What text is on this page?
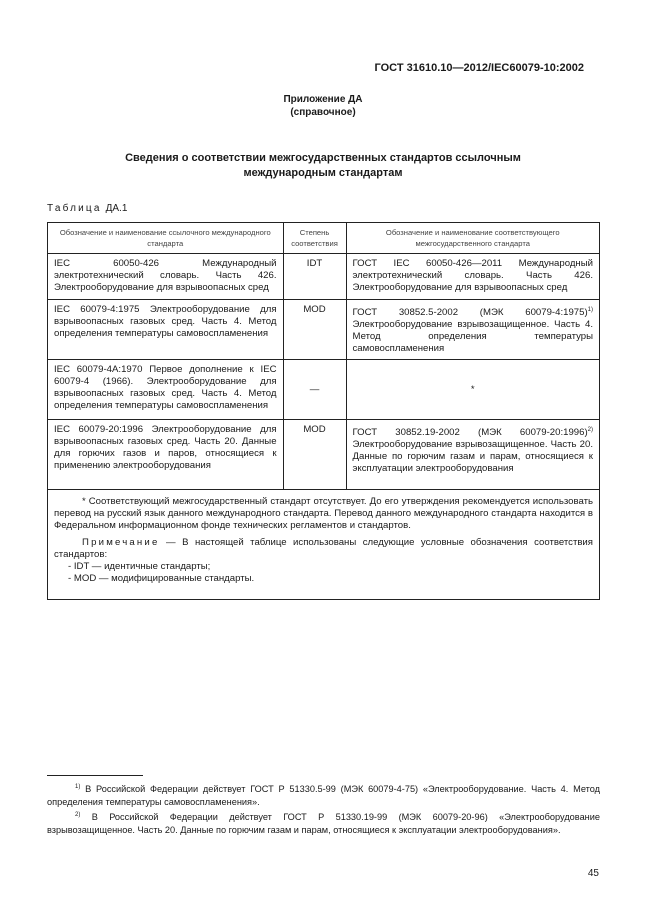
ГОСТ 31610.10—2012/IEC60079-10:2002
Приложение ДА
(справочное)
Сведения о соответствии межгосударственных стандартов ссылочным
международным стандартам
Таблица ДА.1
Обозначение и наименование ссылочного международного стандарта	Степень соответствия	Обозначение и наименование соответствующего межгосударственного стандарта
IEC 60050-426 Международный электротехнический словарь. Часть 426. Электрооборудование для взрывоопасных сред	IDT	ГОСТ IEC 60050-426—2011 Международный электротехнический словарь. Часть 426. Электрооборудование для взрывоопасных сред
IEC 60079-4:1975 Электрооборудование для взрывоопасных газовых сред. Часть 4. Метод определения температуры самовоспламенения	MOD	ГОСТ 30852.5-2002 (МЭК 60079-4:1975)$^{1)}$ Электрооборудование взрывозащищенное. Часть 4. Метод определения температуры самовоспламенения
IEC 60079-4A:1970 Первое дополнение к IEC 60079-4 (1966). Электрооборудование для взрывоопасных газовых сред. Часть 4. Метод определения температуры самовоспламенения	—	*
IEC 60079-20:1996 Электрооборудование для взрывоопасных газовых сред. Часть 20. Данные для горючих газов и паров, относящиеся к применению электрооборудования	MOD	ГОСТ 30852.19-2002 (МЭК 60079-20:1996)$^{2)}$ Электрооборудование взрывозащищенное. Часть 20. Данные по горючим газам и парам, относящиеся к эксплуатации электрооборудования

* Соответствующий межгосударственный стандарт отсутствует. До его утверждения рекомендуется использовать перевод на русский язык данного международного стандарта. Перевод данного международного стандарта находится в Федеральном информационном фонде технических регламентов и стандартов.

Примечание — В настоящей таблице использованы следующие условные обозначения соответствия стандартов:

- IDT — идентичные стандарты;

- MOD — модифицированные стандарты.		

$^{1)}$ В Российской Федерации действует ГОСТ Р 51330.5-99 (МЭК 60079-4-75) «Электрооборудование. Часть 4. Метод определения температуры самовоспламенения».

$^{2)}$ В Российской Федерации действует ГОСТ Р 51330.19-99 (МЭК 60079-20-96) «Электрооборудование взрывозащищенное. Часть 20. Данные по горючим газам и парам, относящиеся к эксплуатации электрооборудования».

45
